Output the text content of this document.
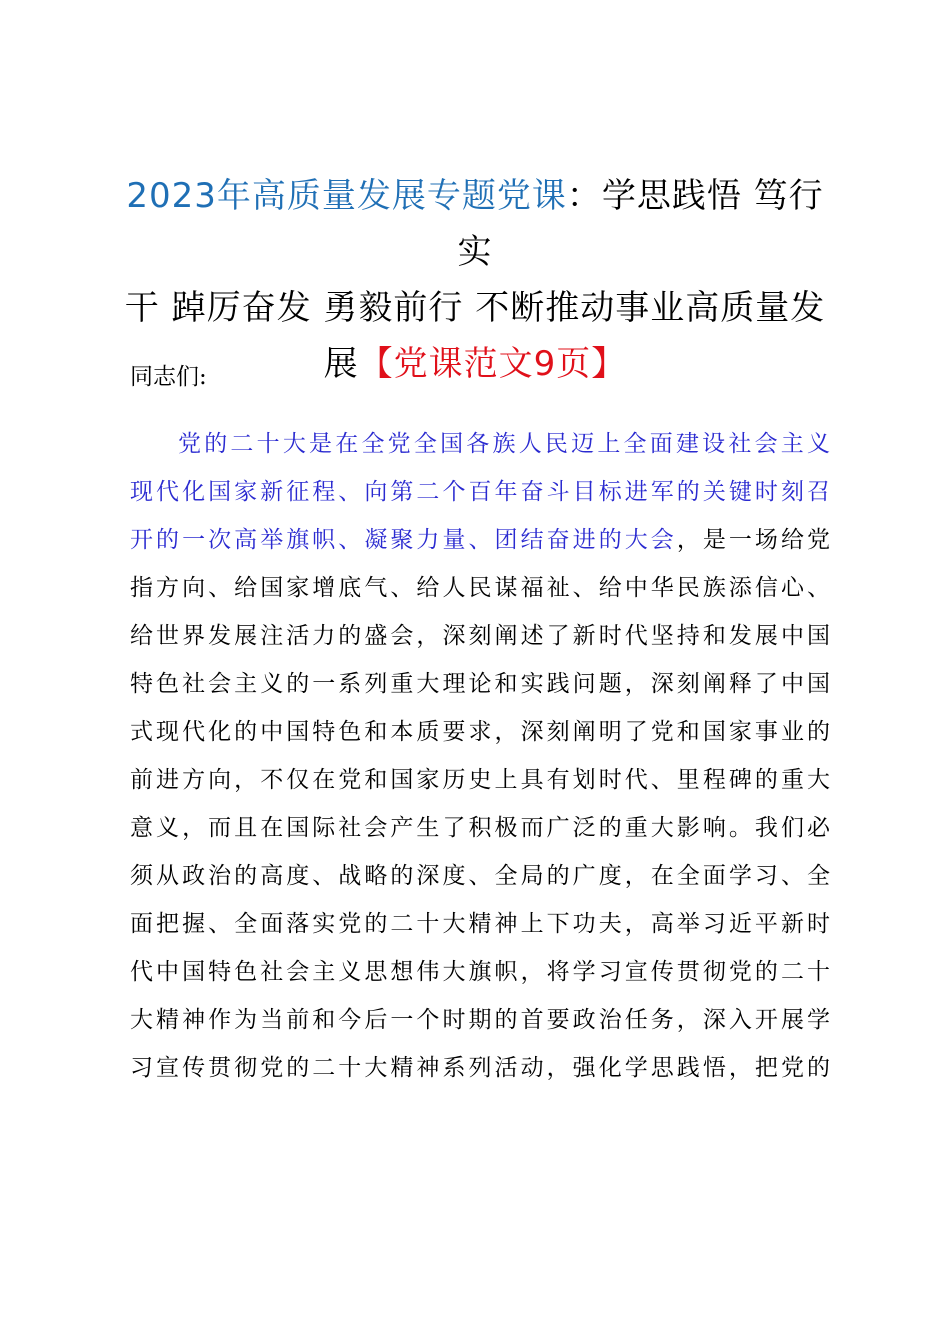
2023年高质量发展专题党课：学思践悟 笃行实
干 踔厉奋发 勇毅前行 不断推动事业高质量发
展【党课范文9页】
同志们:
党的二十大是在全党全国各族人民迈上全面建设社会主义
现代化国家新征程、向第二个百年奋斗目标进军的关键时刻召
开的一次高举旗帜、凝聚力量、团结奋进的大会，是一场给党
指方向、给国家增底气、给人民谋福祉、给中华民族添信心、
给世界发展注活力的盛会，深刻阐述了新时代坚持和发展中国
特色社会主义的一系列重大理论和实践问题，深刻阐释了中国
式现代化的中国特色和本质要求，深刻阐明了党和国家事业的
前进方向，不仅在党和国家历史上具有划时代、里程碑的重大
意义，而且在国际社会产生了积极而广泛的重大影响。我们必
须从政治的高度、战略的深度、全局的广度，在全面学习、全
面把握、全面落实党的二十大精神上下功夫，高举习近平新时
代中国特色社会主义思想伟大旗帜，将学习宣传贯彻党的二十
大精神作为当前和今后一个时期的首要政治任务，深入开展学
习宣传贯彻党的二十大精神系列活动，强化学思践悟，把党的
